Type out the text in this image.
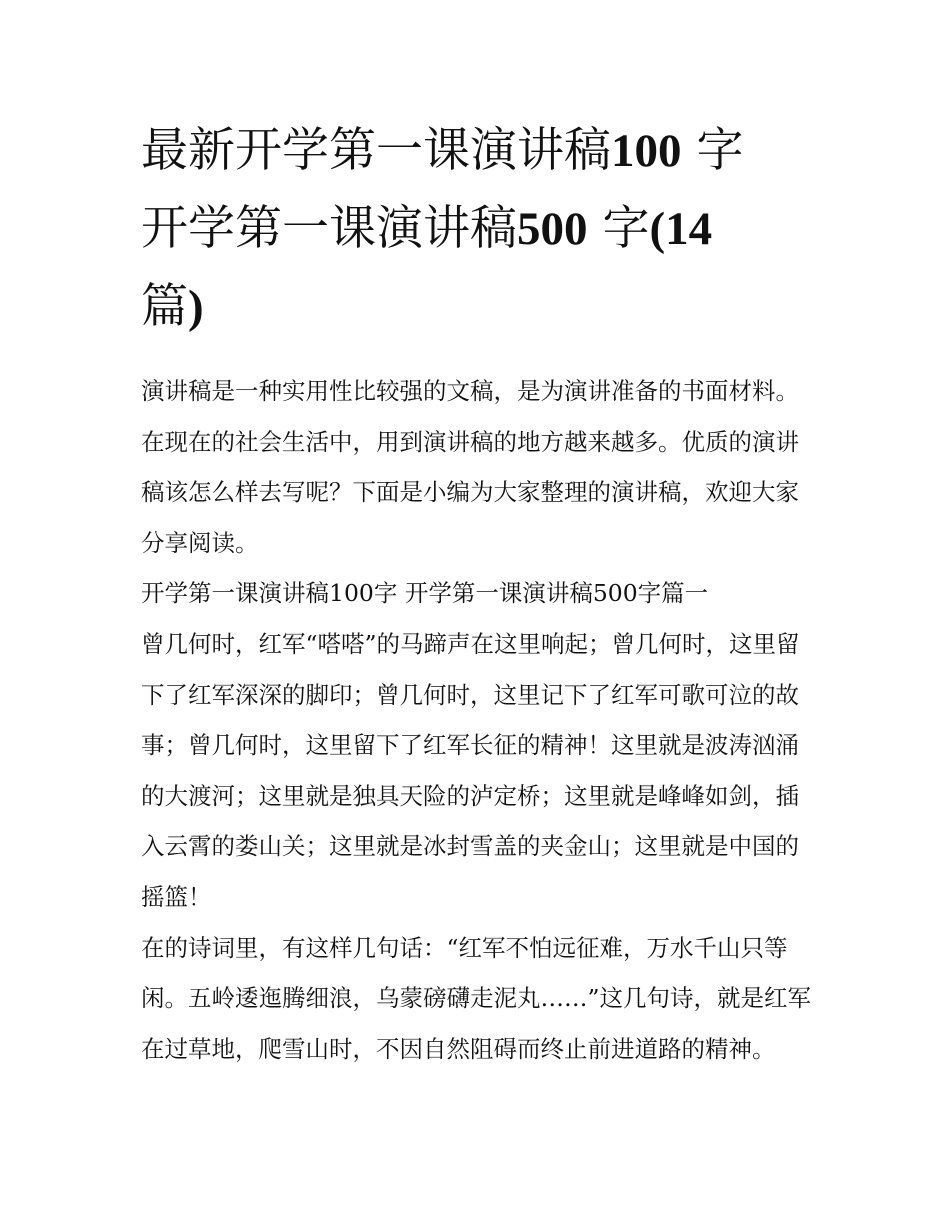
最新开学第一课演讲稿100 字
开学第一课演讲稿500 字(14
篇)

演讲稿是一种实用性比较强的文稿，是为演讲准备的书面材料。在现在的社会生活中，用到演讲稿的地方越来越多。优质的演讲稿该怎么样去写呢？下面是小编为大家整理的演讲稿，欢迎大家分享阅读。

开学第一课演讲稿100字 开学第一课演讲稿500字篇一

曾几何时，红军“嗒嗒”的马蹄声在这里响起；曾几何时，这里留下了红军深深的脚印；曾几何时，这里记下了红军可歌可泣的故事；曾几何时，这里留下了红军长征的精神！这里就是波涛汹涌的大渡河；这里就是独具天险的泸定桥；这里就是峰峰如剑，插入云霄的娄山关；这里就是冰封雪盖的夹金山；这里就是中国的摇篮！

在的诗词里，有这样几句话：“红军不怕远征难，万水千山只等闲。五岭逶迤腾细浪，乌蒙磅礴走泥丸……”这几句诗，就是红军在过草地，爬雪山时，不因自然阻碍而终止前进道路的精神。
